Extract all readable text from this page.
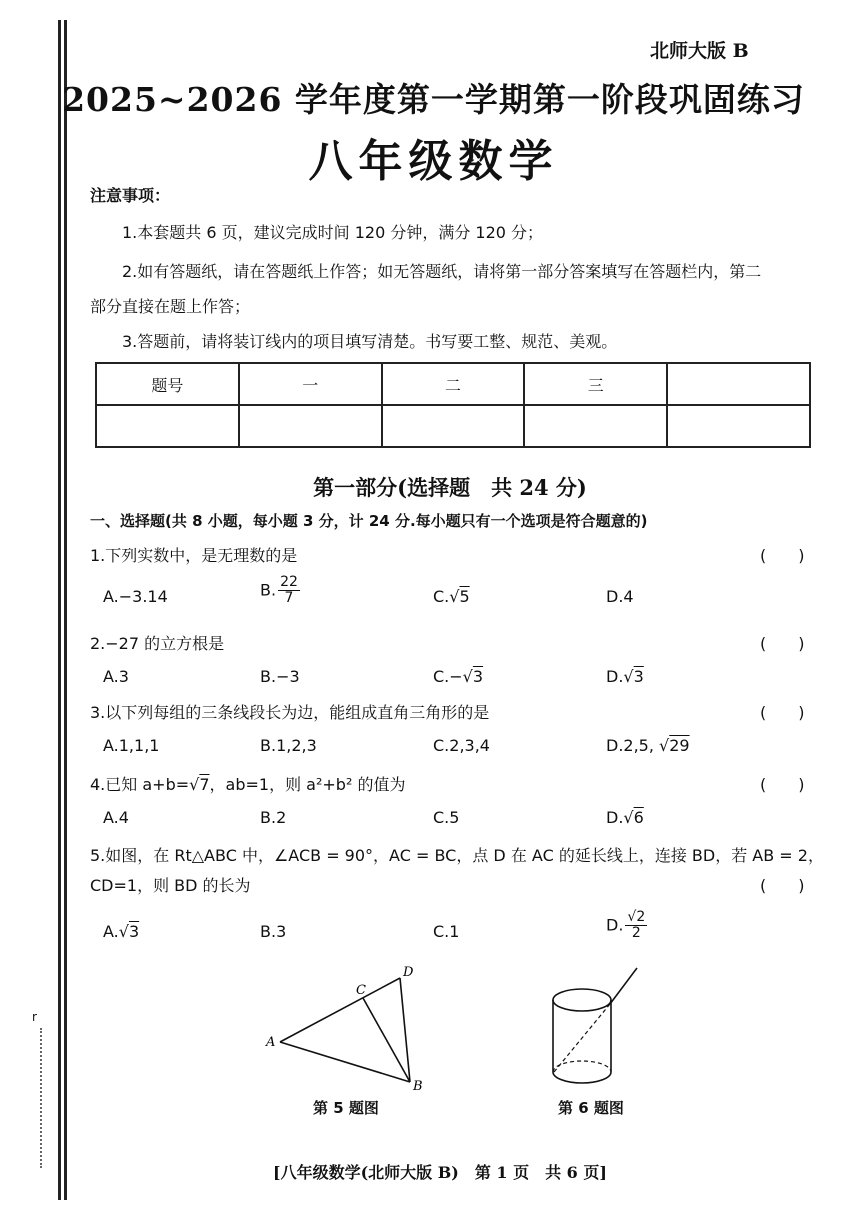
r
北师大版 B
2025~2026 学年度第一学期第一阶段巩固练习
八年级数学
注意事项：
1.本套题共 6 页，建议完成时间 120 分钟，满分 120 分；
2.如有答题纸，请在答题纸上作答；如无答题纸，请将第一部分答案填写在答题栏内，第二
部分直接在题上作答；
3.答题前，请将装订线内的项目填写清楚。书写要工整、规范、美观。
题号	一	二	三	

第一部分(选择题　共 24 分)
一、选择题(共 8 小题，每小题 3 分，计 24 分.每小题只有一个选项是符合题意的)
1.下列实数中，是无理数的是	(　　)
A.−3.14	B. $\frac{22}{7}$	C.√5	D.4
2.−27 的立方根是	(　　)
A.3	B.−3	C.−√3	D.√3
3.以下列每组的三条线段长为边，能组成直角三角形的是	(　　)
A.1,1,1	B.1,2,3	C.2,3,4	D.2,5, √29
4.已知 a+b=√7，ab=1，则 a²+b² 的值为	(　　)
A.4	B.2	C.5	D.√6
5.如图，在 Rt△ABC 中，∠ACB = 90°，AC = BC，点 D 在 AC 的延长线上，连接 BD，若 AB = 2，
CD=1，则 BD 的长为	(　　)
A.√3	B.3	C.1	D. $\frac{√2}{2}$
A
B
C
D
第 5 题图	第 6 题图
[八年级数学(北师大版 B)　第 1 页　共 6 页]
